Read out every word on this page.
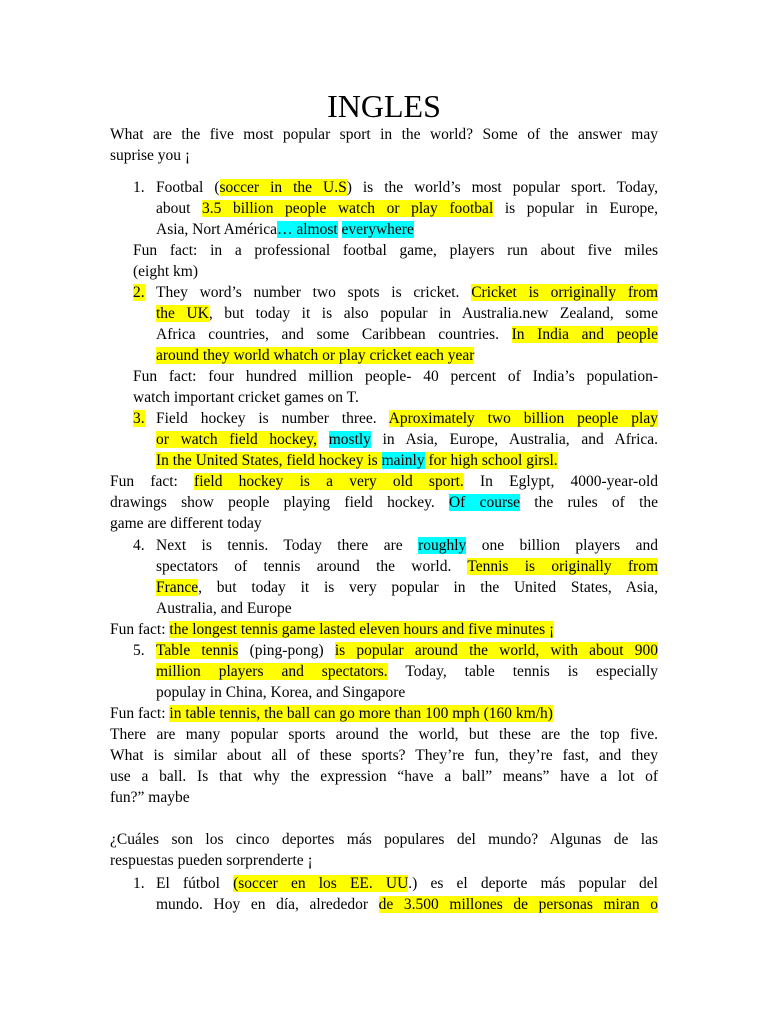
INGLES

What are the five most popular sport in the world? Some of the answer may

suprise you ¡

1. Footbal (soccer in the U.S) is the world’s most popular sport. Today,

about 3.5 billion people watch or play footbal is popular in Europe,

Asia, Nort América… almost everywhere

Fun fact: in a professional footbal game, players run about five miles

(eight km)

2. They word’s number two spots is cricket. Cricket is orriginally from

the UK, but today it is also popular in Australia.new Zealand, some

Africa countries, and some Caribbean countries. In India and people

around they world whatch or play cricket each year

Fun fact: four hundred million people- 40 percent of India’s population-

watch important cricket games on T.

3. Field hockey is number three. Aproximately two billion people play

or watch field hockey, mostly in Asia, Europe, Australia, and Africa.

In the United States, field hockey is mainly for high school girsl.

Fun fact: field hockey is a very old sport. In Eglypt, 4000-year-old

drawings show people playing field hockey. Of course the rules of the

game are different today

4. Next is tennis. Today there are roughly one billion players and

spectators of tennis around the world. Tennis is originally from

France, but today it is very popular in the United States, Asia,

Australia, and Europe

Fun fact: the longest tennis game lasted eleven hours and five minutes ¡

5. Table tennis (ping-pong) is popular around the world, with about 900

million players and spectators. Today, table tennis is especially

populay in China, Korea, and Singapore

Fun fact: in table tennis, the ball can go more than 100 mph (160 km/h)

There are many popular sports around the world, but these are the top five.

What is similar about all of these sports? They’re fun, they’re fast, and they

use a ball. Is that why the expression “have a ball” means” have a lot of

fun?” maybe

¿Cuáles son los cinco deportes más populares del mundo? Algunas de las

respuestas pueden sorprenderte ¡

1. El fútbol (soccer en los EE. UU.) es el deporte más popular del

mundo. Hoy en día, alrededor de 3.500 millones de personas miran o
